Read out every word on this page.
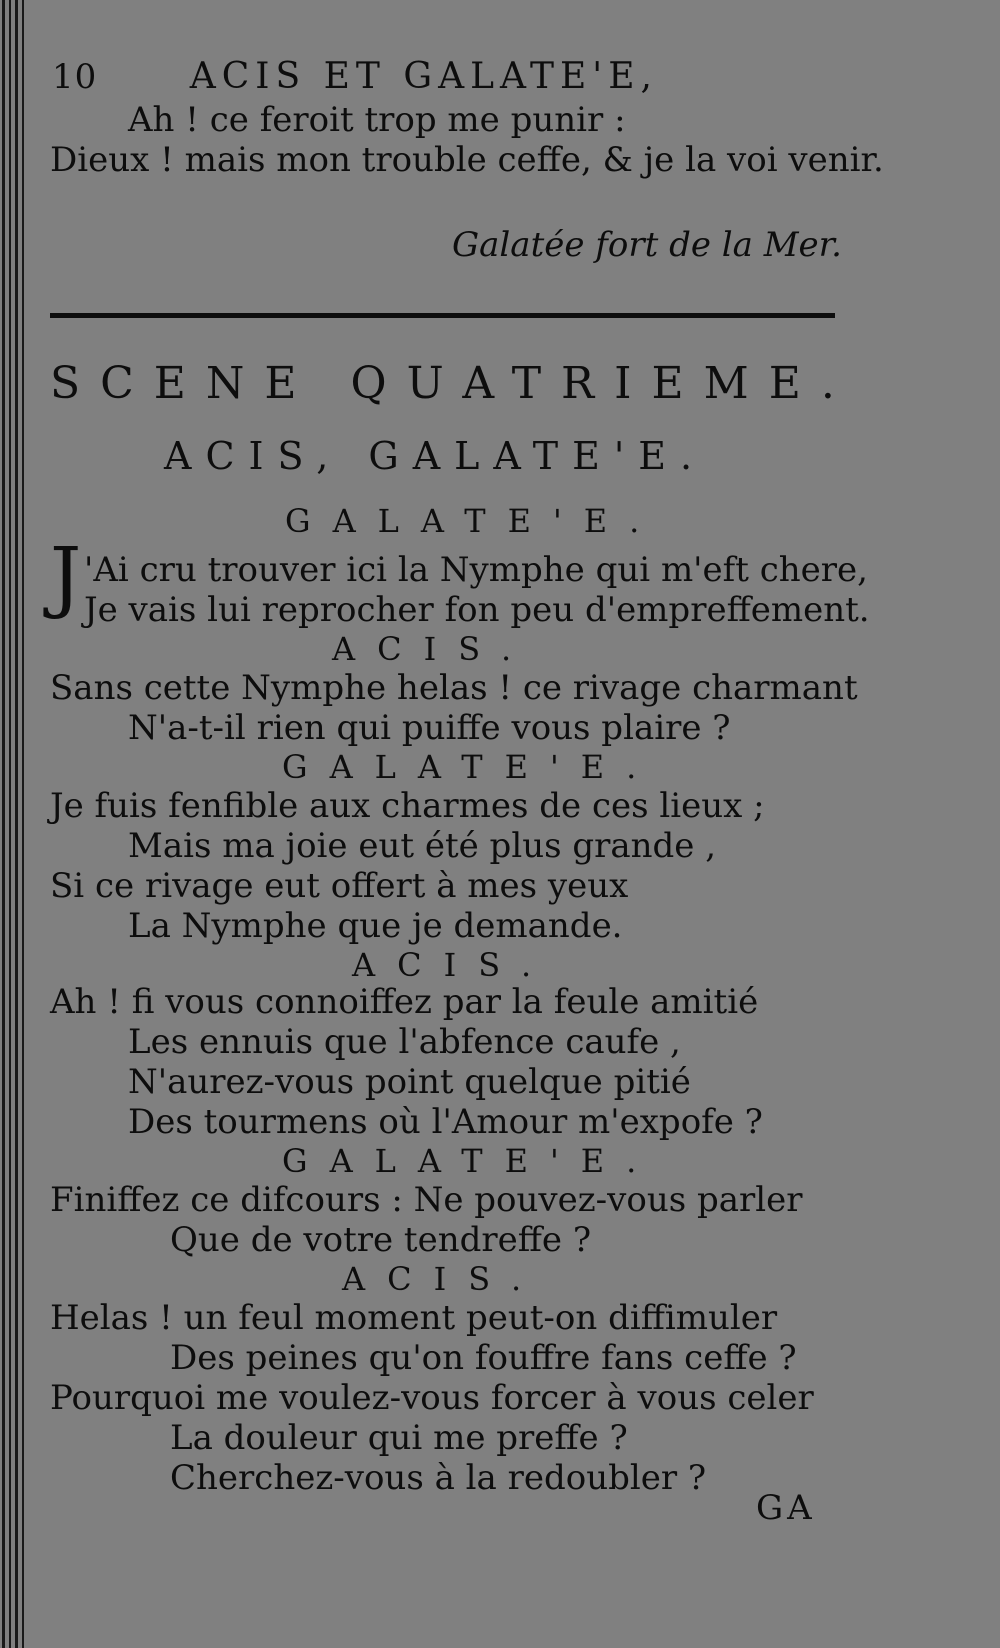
10	ACIS ET GALATE'E,
Ah ! ce feroit trop me punir :
Dieux ! mais mon trouble ceffe, & je la voi venir.
Galatée fort de la Mer.
SCENE QUATRIEME.
ACIS, GALATE'E.
GALATE'E.
J 'Ai cru trouver ici la Nymphe qui m'eft chere,
Je vais lui reprocher fon peu d'empreffement.
ACIS.
Sans cette Nymphe helas ! ce rivage charmant
N'a-t-il rien qui puiffe vous plaire ?
GALATE'E.
Je fuis fenfible aux charmes de ces lieux ;
Mais ma joie eut été plus grande ,
Si ce rivage eut offert à mes yeux
La Nymphe que je demande.
ACIS.
Ah ! fi vous connoiffez par la feule amitié
Les ennuis que l'abfence caufe ,
N'aurez-vous point quelque pitié
Des tourmens où l'Amour m'expofe ?
GALATE'E.
Finiffez ce difcours : Ne pouvez-vous parler
Que de votre tendreffe ?
ACIS.
Helas ! un feul moment peut-on diffimuler
Des peines qu'on fouffre fans ceffe ?
Pourquoi me voulez-vous forcer à vous celer
La douleur qui me preffe ?
Cherchez-vous à la redoubler ?
GA
